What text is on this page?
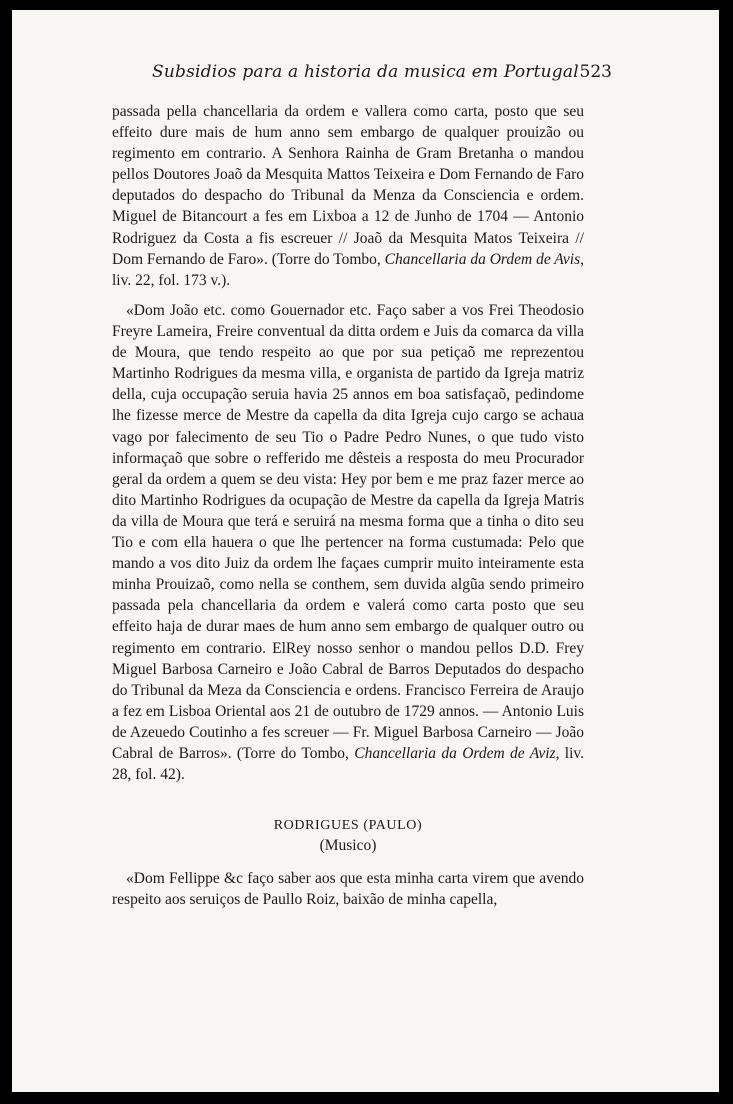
Subsidios para a historia da musica em Portugal 523

passada pella chancellaria da ordem e vallera como carta, posto que seu effeito dure mais de hum anno sem embargo de qualquer prouizão ou regimento em contrario. A Senhora Rainha de Gram Bretanha o mandou pellos Doutores Joaõ da Mesquita Mattos Teixeira e Dom Fernando de Faro deputados do despacho do Tribunal da Menza da Consciencia e ordem. Miguel de Bitancourt a fes em Lixboa a 12 de Junho de 1704 — Antonio Rodriguez da Costa a fis escreuer // Joaõ da Mesquita Matos Teixeira // Dom Fernando de Faro». (Torre do Tombo, Chancellaria da Ordem de Avis, liv. 22, fol. 173 v.).

«Dom João etc. como Gouernador etc. Faço saber a vos Frei Theodosio Freyre Lameira, Freire conventual da ditta ordem e Juis da comarca da villa de Moura, que tendo respeito ao que por sua petiçaõ me reprezentou Martinho Rodrigues da mesma villa, e organista de partido da Igreja matriz della, cuja occupação seruia havia 25 annos em boa satisfaçaõ, pedindome lhe fizesse merce de Mestre da capella da dita Igreja cujo cargo se achaua vago por falecimento de seu Tio o Padre Pedro Nunes, o que tudo visto informaçaõ que sobre o refferido me dêsteis a resposta do meu Procurador geral da ordem a quem se deu vista: Hey por bem e me praz fazer merce ao dito Martinho Rodrigues da ocupação de Mestre da capella da Igreja Matris da villa de Moura que terá e seruirá na mesma forma que a tinha o dito seu Tio e com ella hauera o que lhe pertencer na forma custumada: Pelo que mando a vos dito Juiz da ordem lhe façaes cumprir muito inteiramente esta minha Prouizaõ, como nella se conthem, sem duvida algũa sendo primeiro passada pela chancellaria da ordem e valerá como carta posto que seu effeito haja de durar maes de hum anno sem embargo de qualquer outro ou regimento em contrario. ElRey nosso senhor o mandou pellos D.D. Frey Miguel Barbosa Carneiro e João Cabral de Barros Deputados do despacho do Tribunal da Meza da Consciencia e ordens. Francisco Ferreira de Araujo a fez em Lisboa Oriental aos 21 de outubro de 1729 annos. — Antonio Luis de Azeuedo Coutinho a fes screuer — Fr. Miguel Barbosa Carneiro — João Cabral de Barros». (Torre do Tombo, Chancellaria da Ordem de Aviz, liv. 28, fol. 42).

RODRIGUES (PAULO)
(Musico)

«Dom Fellippe &c faço saber aos que esta minha carta virem que avendo respeito aos seruiços de Paullo Roiz, baixão de minha capella,
